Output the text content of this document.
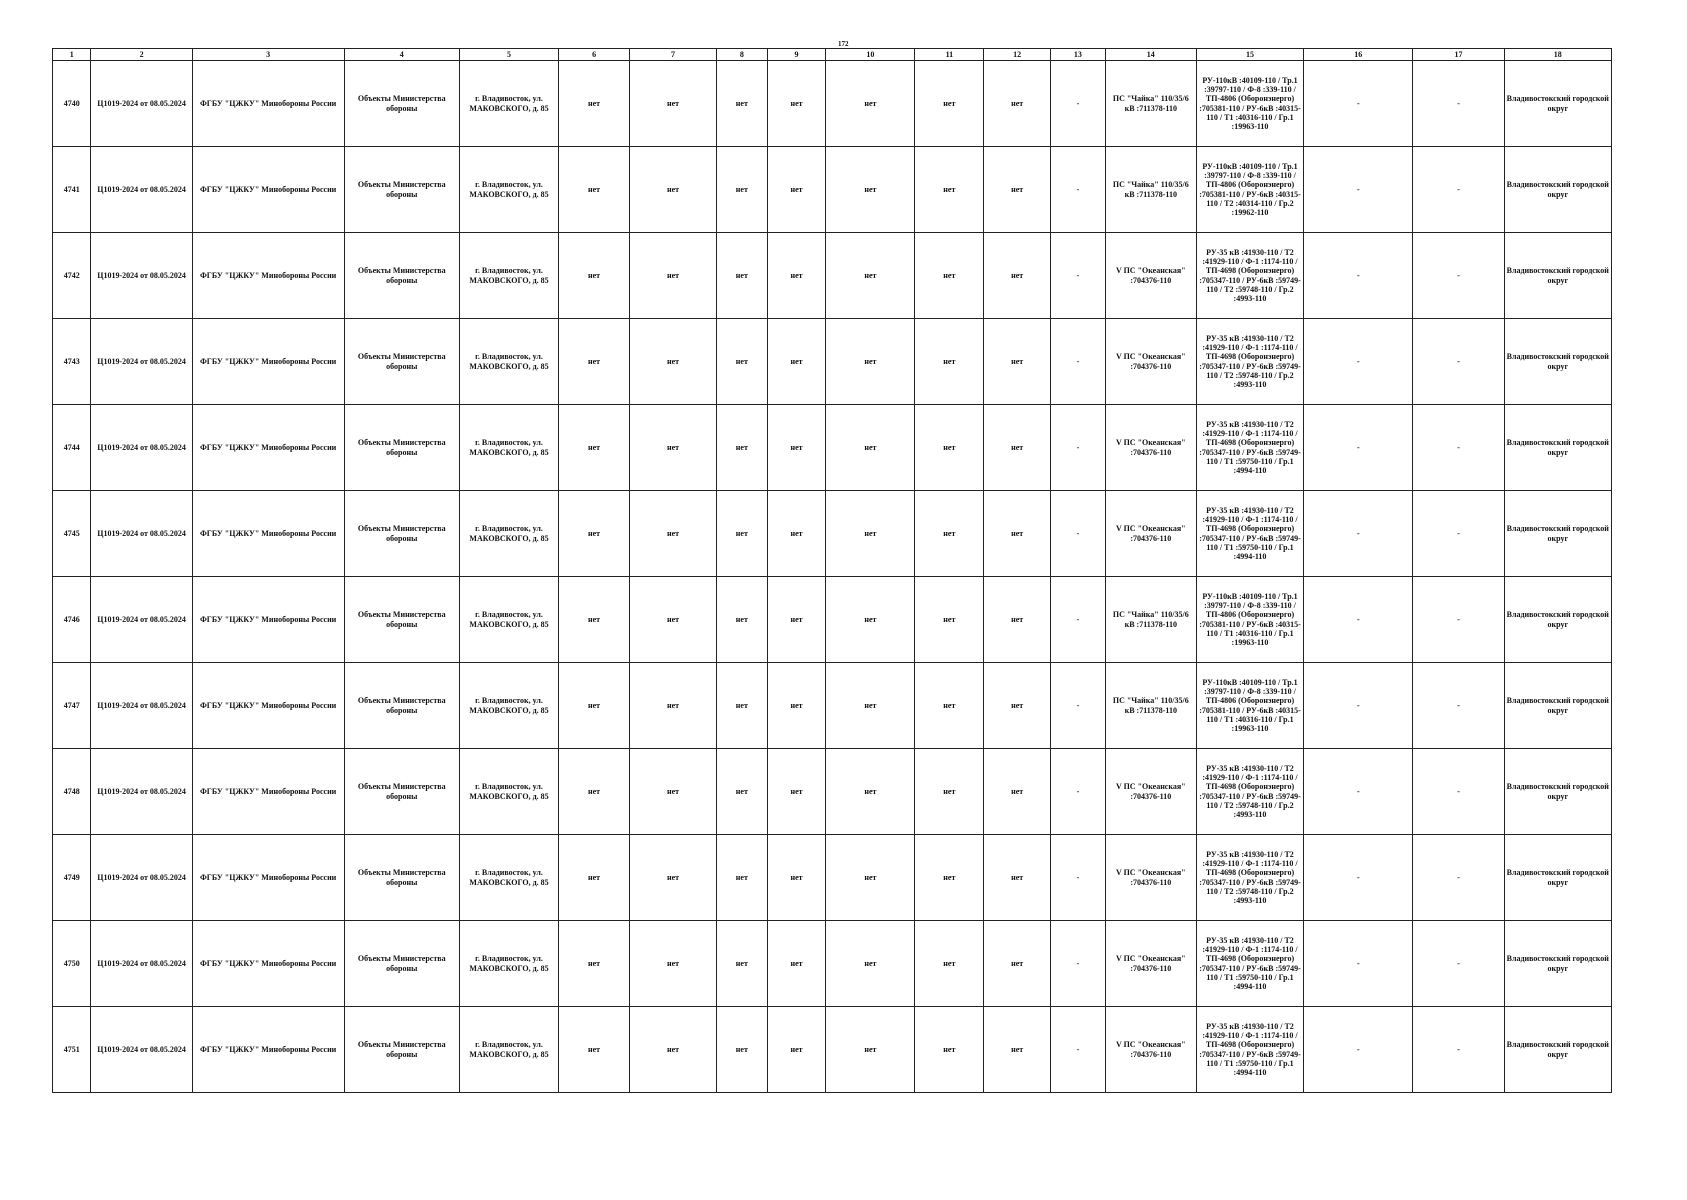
172
1	2	3	4	5	6	7	8	9	10	11	12	13	14	15	16	17	18
4740	Ц1019-2024 от 08.05.2024	ФГБУ "ЦЖКУ" Минобороны России	Объекты Министерства обороны	г. Владивосток, ул. МАКОВСКОГО, д. 85	нет	нет	нет	нет	нет	нет	нет	-	ПС "Чайка" 110/35/6 кВ :711378-110	РУ-110кВ :40109-110 / Тр.1 :39797-110 / Ф-8 :339-110 / ТП-4806 (Оборонэнерго) :705381-110 / РУ-6кВ :40315-110 / Т1 :40316-110 / Гр.1 :19963-110	-	-	Владивостокский городской округ
4741	Ц1019-2024 от 08.05.2024	ФГБУ "ЦЖКУ" Минобороны России	Объекты Министерства обороны	г. Владивосток, ул. МАКОВСКОГО, д. 85	нет	нет	нет	нет	нет	нет	нет	-	ПС "Чайка" 110/35/6 кВ :711378-110	РУ-110кВ :40109-110 / Тр.1 :39797-110 / Ф-8 :339-110 / ТП-4806 (Оборонэнерго) :705381-110 / РУ-6кВ :40315-110 / Т2 :40314-110 / Гр.2 :19962-110	-	-	Владивостокский городской округ
4742	Ц1019-2024 от 08.05.2024	ФГБУ "ЦЖКУ" Минобороны России	Объекты Министерства обороны	г. Владивосток, ул. МАКОВСКОГО, д. 85	нет	нет	нет	нет	нет	нет	нет	-	V ПС "Океанская" :704376-110	РУ-35 кВ :41930-110 / Т2 :41929-110 / Ф-1 :1174-110 / ТП-4698 (Оборонэнерго) :705347-110 / РУ-6кВ :59749-110 / Т2 :59748-110 / Гр.2 :4993-110	-	-	Владивостокский городской округ
4743	Ц1019-2024 от 08.05.2024	ФГБУ "ЦЖКУ" Минобороны России	Объекты Министерства обороны	г. Владивосток, ул. МАКОВСКОГО, д. 85	нет	нет	нет	нет	нет	нет	нет	-	V ПС "Океанская" :704376-110	РУ-35 кВ :41930-110 / Т2 :41929-110 / Ф-1 :1174-110 / ТП-4698 (Оборонэнерго) :705347-110 / РУ-6кВ :59749-110 / Т2 :59748-110 / Гр.2 :4993-110	-	-	Владивостокский городской округ
4744	Ц1019-2024 от 08.05.2024	ФГБУ "ЦЖКУ" Минобороны России	Объекты Министерства обороны	г. Владивосток, ул. МАКОВСКОГО, д. 85	нет	нет	нет	нет	нет	нет	нет	-	V ПС "Океанская" :704376-110	РУ-35 кВ :41930-110 / Т2 :41929-110 / Ф-1 :1174-110 / ТП-4698 (Оборонэнерго) :705347-110 / РУ-6кВ :59749-110 / Т1 :59750-110 / Гр.1 :4994-110	-	-	Владивостокский городской округ
4745	Ц1019-2024 от 08.05.2024	ФГБУ "ЦЖКУ" Минобороны России	Объекты Министерства обороны	г. Владивосток, ул. МАКОВСКОГО, д. 85	нет	нет	нет	нет	нет	нет	нет	-	V ПС "Океанская" :704376-110	РУ-35 кВ :41930-110 / Т2 :41929-110 / Ф-1 :1174-110 / ТП-4698 (Оборонэнерго) :705347-110 / РУ-6кВ :59749-110 / Т1 :59750-110 / Гр.1 :4994-110	-	-	Владивостокский городской округ
4746	Ц1019-2024 от 08.05.2024	ФГБУ "ЦЖКУ" Минобороны России	Объекты Министерства обороны	г. Владивосток, ул. МАКОВСКОГО, д. 85	нет	нет	нет	нет	нет	нет	нет	-	ПС "Чайка" 110/35/6 кВ :711378-110	РУ-110кВ :40109-110 / Тр.1 :39797-110 / Ф-8 :339-110 / ТП-4806 (Оборонэнерго) :705381-110 / РУ-6кВ :40315-110 / Т1 :40316-110 / Гр.1 :19963-110	-	-	Владивостокский городской округ
4747	Ц1019-2024 от 08.05.2024	ФГБУ "ЦЖКУ" Минобороны России	Объекты Министерства обороны	г. Владивосток, ул. МАКОВСКОГО, д. 85	нет	нет	нет	нет	нет	нет	нет	-	ПС "Чайка" 110/35/6 кВ :711378-110	РУ-110кВ :40109-110 / Тр.1 :39797-110 / Ф-8 :339-110 / ТП-4806 (Оборонэнерго) :705381-110 / РУ-6кВ :40315-110 / Т1 :40316-110 / Гр.1 :19963-110	-	-	Владивостокский городской округ
4748	Ц1019-2024 от 08.05.2024	ФГБУ "ЦЖКУ" Минобороны России	Объекты Министерства обороны	г. Владивосток, ул. МАКОВСКОГО, д. 85	нет	нет	нет	нет	нет	нет	нет	-	V ПС "Океанская" :704376-110	РУ-35 кВ :41930-110 / Т2 :41929-110 / Ф-1 :1174-110 / ТП-4698 (Оборонэнерго) :705347-110 / РУ-6кВ :59749-110 / Т2 :59748-110 / Гр.2 :4993-110	-	-	Владивостокский городской округ
4749	Ц1019-2024 от 08.05.2024	ФГБУ "ЦЖКУ" Минобороны России	Объекты Министерства обороны	г. Владивосток, ул. МАКОВСКОГО, д. 85	нет	нет	нет	нет	нет	нет	нет	-	V ПС "Океанская" :704376-110	РУ-35 кВ :41930-110 / Т2 :41929-110 / Ф-1 :1174-110 / ТП-4698 (Оборонэнерго) :705347-110 / РУ-6кВ :59749-110 / Т2 :59748-110 / Гр.2 :4993-110	-	-	Владивостокский городской округ
4750	Ц1019-2024 от 08.05.2024	ФГБУ "ЦЖКУ" Минобороны России	Объекты Министерства обороны	г. Владивосток, ул. МАКОВСКОГО, д. 85	нет	нет	нет	нет	нет	нет	нет	-	V ПС "Океанская" :704376-110	РУ-35 кВ :41930-110 / Т2 :41929-110 / Ф-1 :1174-110 / ТП-4698 (Оборонэнерго) :705347-110 / РУ-6кВ :59749-110 / Т1 :59750-110 / Гр.1 :4994-110	-	-	Владивостокский городской округ
4751	Ц1019-2024 от 08.05.2024	ФГБУ "ЦЖКУ" Минобороны России	Объекты Министерства обороны	г. Владивосток, ул. МАКОВСКОГО, д. 85	нет	нет	нет	нет	нет	нет	нет	-	V ПС "Океанская" :704376-110	РУ-35 кВ :41930-110 / Т2 :41929-110 / Ф-1 :1174-110 / ТП-4698 (Оборонэнерго) :705347-110 / РУ-6кВ :59749-110 / Т1 :59750-110 / Гр.1 :4994-110	-	-	Владивостокский городской округ
